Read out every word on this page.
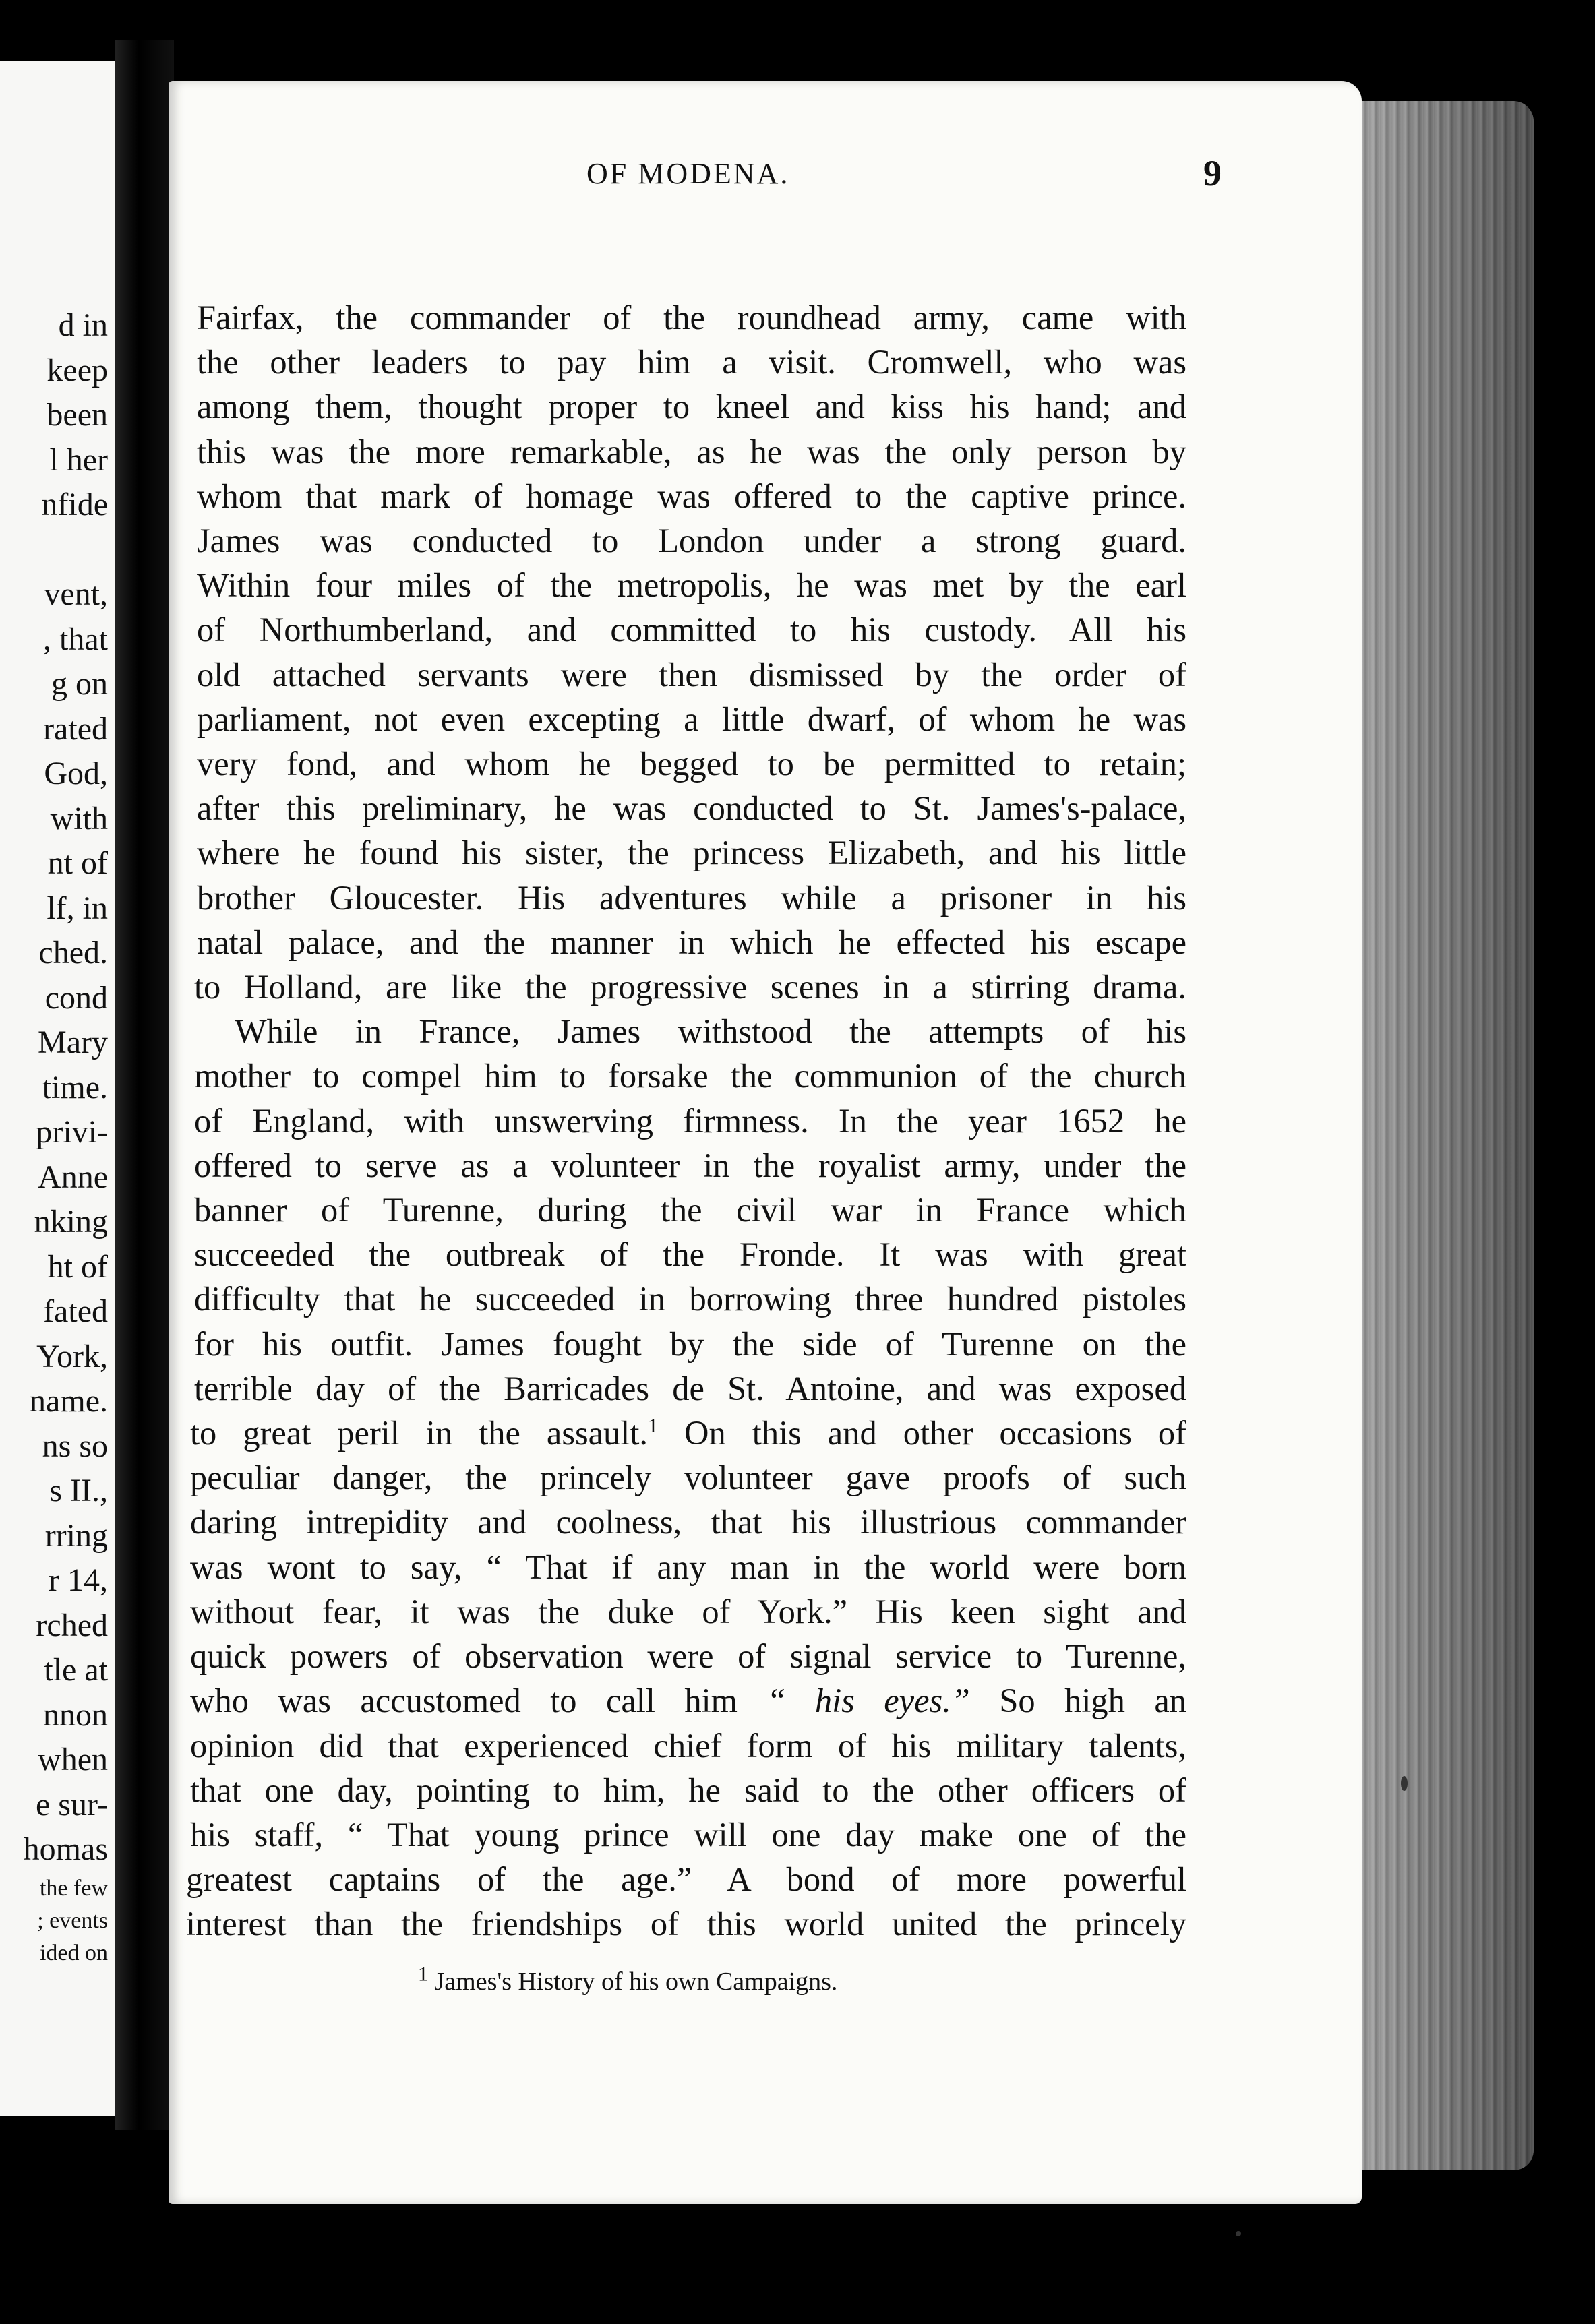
d in
keep
been
l her
nfide

vent,
, that
g on
rated
God,
with
nt of
lf, in
ched.
cond
Mary
time.
privi-
Anne
nking
ht of
fated
York,
name.
ns so
s II.,
rring
r 14,
rched
tle at
nnon
when
e sur-
homas
the few
; events
ided on
OF MODENA.	9
Fairfax, the commander of the roundhead army, came with
the other leaders to pay him a visit. Cromwell, who was
among them, thought proper to kneel and kiss his hand; and
this was the more remarkable, as he was the only person by
whom that mark of homage was offered to the captive prince.
James was conducted to London under a strong guard.
Within four miles of the metropolis, he was met by the earl
of Northumberland, and committed to his custody. All his
old attached servants were then dismissed by the order of
parliament, not even excepting a little dwarf, of whom he was
very fond, and whom he begged to be permitted to retain;
after this preliminary, he was conducted to St. James's-palace,
where he found his sister, the princess Elizabeth, and his little
brother Gloucester. His adventures while a prisoner in his
natal palace, and the manner in which he effected his escape
to Holland, are like the progressive scenes in a stirring drama.
While in France, James withstood the attempts of his
mother to compel him to forsake the communion of the church
of England, with unswerving firmness. In the year 1652 he
offered to serve as a volunteer in the royalist army, under the
banner of Turenne, during the civil war in France which
succeeded the outbreak of the Fronde. It was with great
difficulty that he succeeded in borrowing three hundred pistoles
for his outfit. James fought by the side of Turenne on the
terrible day of the Barricades de St. Antoine, and was exposed
to great peril in the assault.$^1$ On this and other occasions of
peculiar danger, the princely volunteer gave proofs of such
daring intrepidity and coolness, that his illustrious commander
was wont to say, “ That if any man in the world were born
without fear, it was the duke of York.” His keen sight and
quick powers of observation were of signal service to Turenne,
who was accustomed to call him “ his eyes.” So high an
opinion did that experienced chief form of his military talents,
that one day, pointing to him, he said to the other officers of
his staff, “ That young prince will one day make one of the
greatest captains of the age.” A bond of more powerful
interest than the friendships of this world united the princely
$^1$ James's History of his own Campaigns.
